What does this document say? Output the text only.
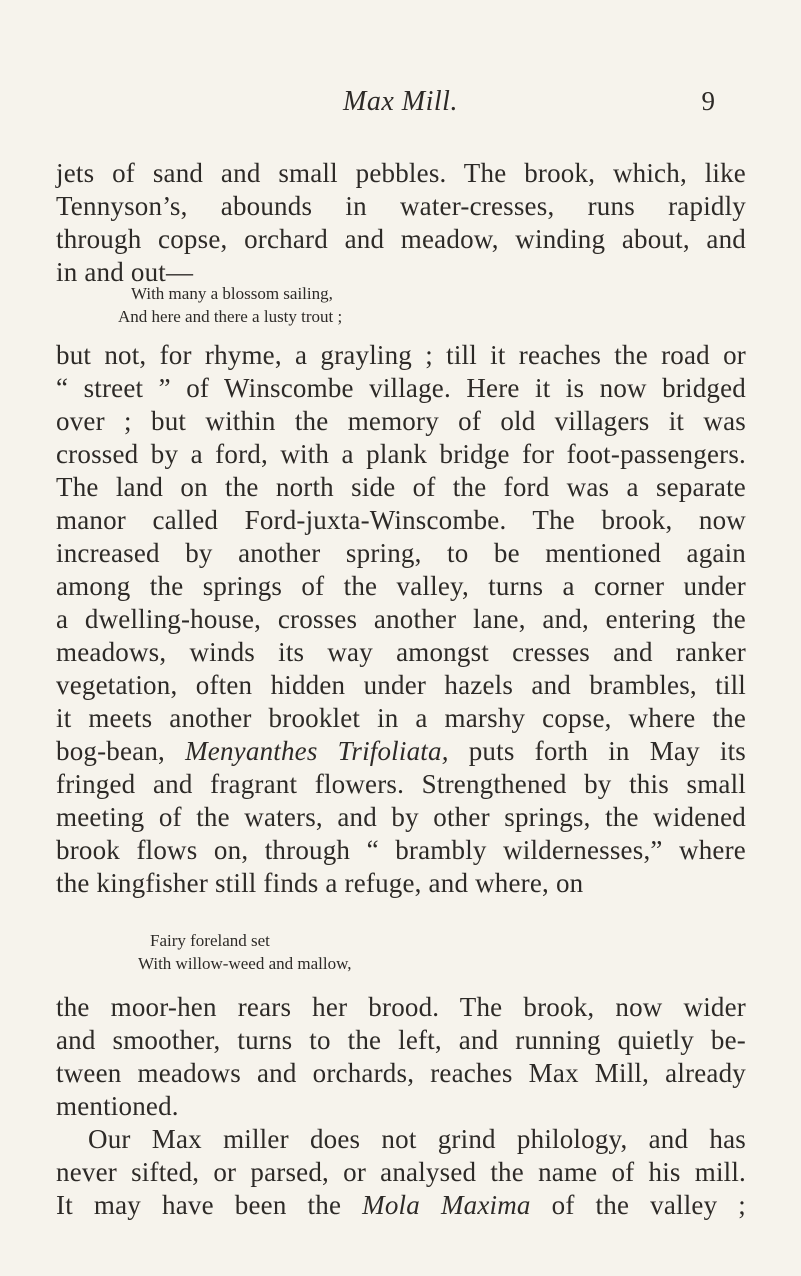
Max Mill.	9
jets of sand and small pebbles. The brook, which, like
Tennyson’s, abounds in water-cresses, runs rapidly
through copse, orchard and meadow, winding about, and
in and out—
With many a blossom sailing,
And here and there a lusty trout ;
but not, for rhyme, a grayling ; till it reaches the road or
“ street ” of Winscombe village. Here it is now bridged
over ; but within the memory of old villagers it was
crossed by a ford, with a plank bridge for foot-passengers.
The land on the north side of the ford was a separate
manor called Ford-juxta-Winscombe. The brook, now
increased by another spring, to be mentioned again
among the springs of the valley, turns a corner under
a dwelling-house, crosses another lane, and, entering the
meadows, winds its way amongst cresses and ranker
vegetation, often hidden under hazels and brambles, till
it meets another brooklet in a marshy copse, where the
bog-bean, Menyanthes Trifoliata, puts forth in May its
fringed and fragrant flowers. Strengthened by this small
meeting of the waters, and by other springs, the widened
brook flows on, through “ brambly wildernesses,” where
the kingfisher still finds a refuge, and where, on
Fairy foreland set
With willow-weed and mallow,
the moor-hen rears her brood. The brook, now wider
and smoother, turns to the left, and running quietly be-
tween meadows and orchards, reaches Max Mill, already
mentioned.
Our Max miller does not grind philology, and has
never sifted, or parsed, or analysed the name of his mill.
It may have been the Mola Maxima of the valley ;
